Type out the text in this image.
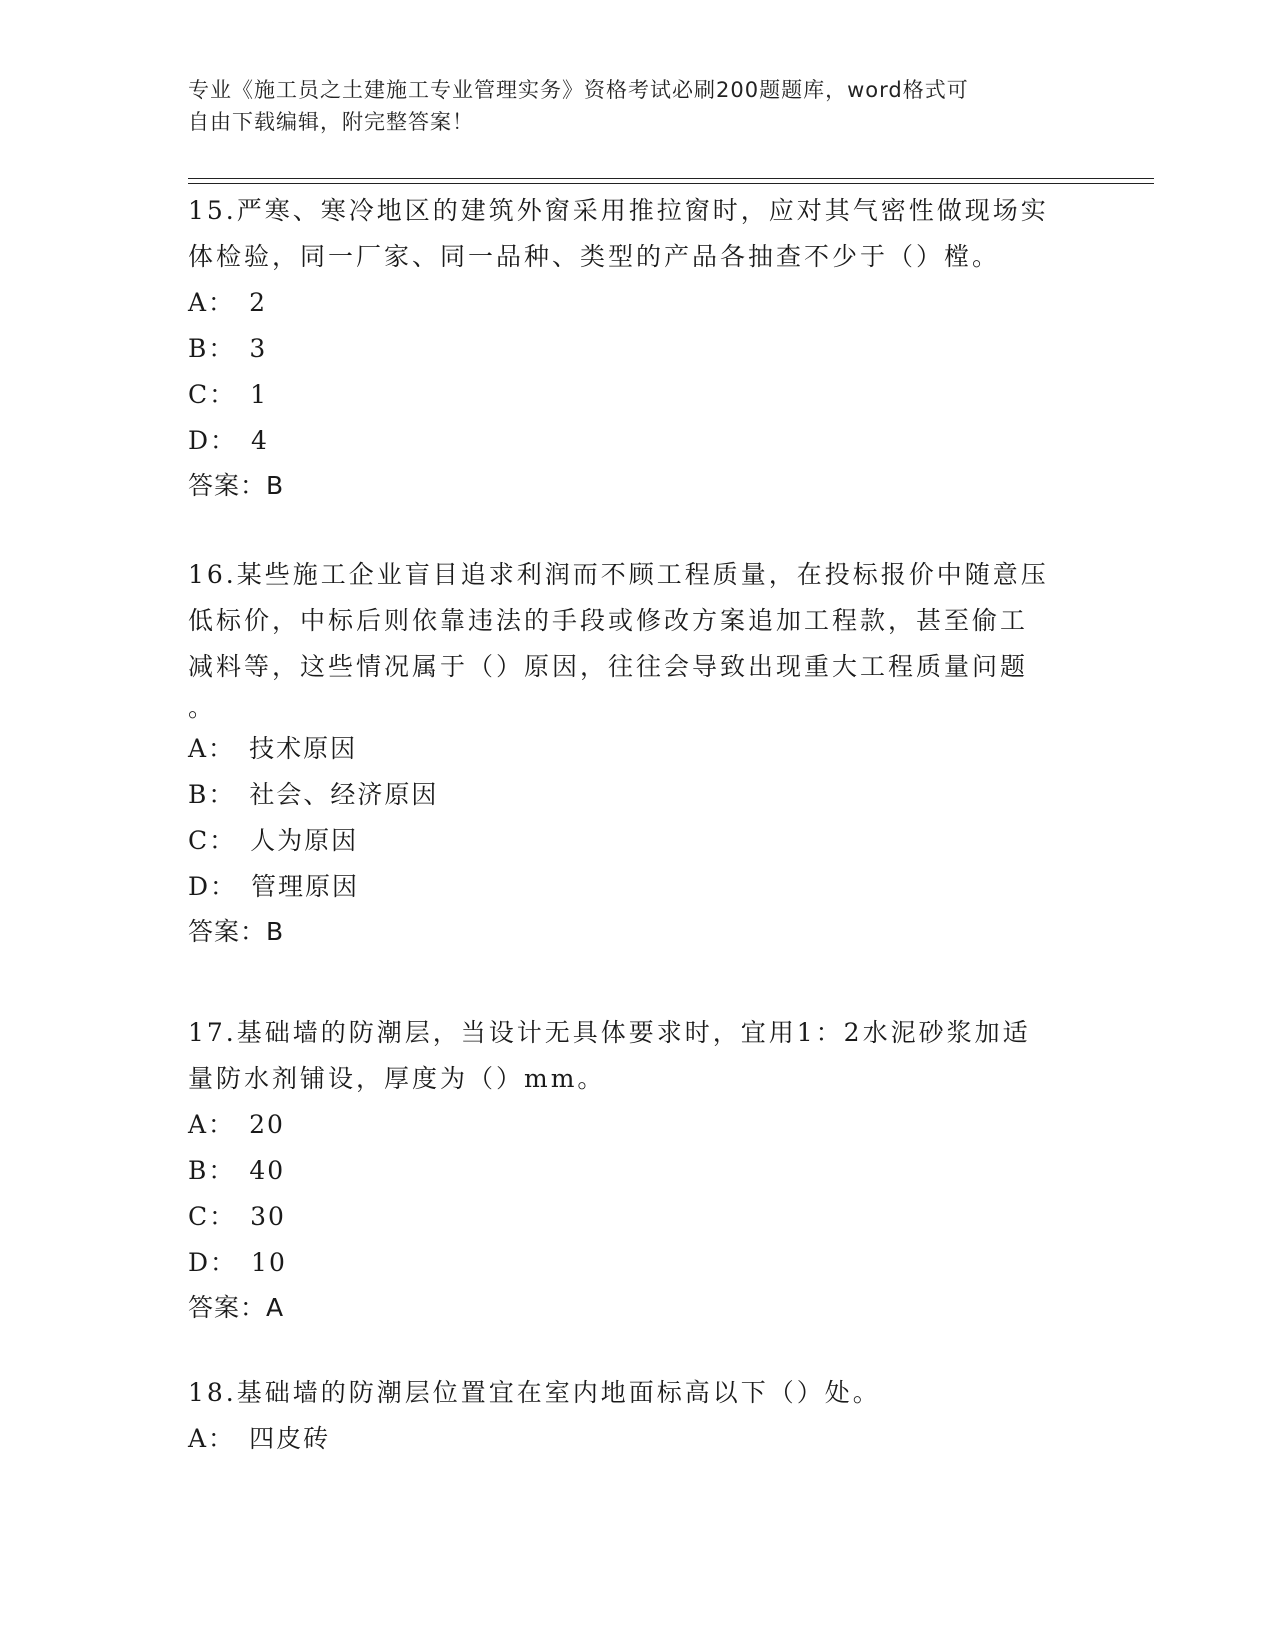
专业《施工员之土建施工专业管理实务》资格考试必刷200题题库，word格式可
自由下载编辑，附完整答案！
15.严寒、寒冷地区的建筑外窗采用推拉窗时，应对其气密性做现场实
体检验，同一厂家、同一品种、类型的产品各抽查不少于（）樘。
A： 2
B： 3
C： 1
D： 4
答案：B
16.某些施工企业盲目追求利润而不顾工程质量，在投标报价中随意压
低标价，中标后则依靠违法的手段或修改方案追加工程款，甚至偷工
减料等，这些情况属于（）原因，往往会导致出现重大工程质量问题
。
A： 技术原因
B： 社会、经济原因
C： 人为原因
D： 管理原因
答案：B
17.基础墙的防潮层，当设计无具体要求时，宜用1：2水泥砂浆加适
量防水剂铺设，厚度为（）mm。
A： 20
B： 40
C： 30
D： 10
答案：A
18.基础墙的防潮层位置宜在室内地面标高以下（）处。
A： 四皮砖
